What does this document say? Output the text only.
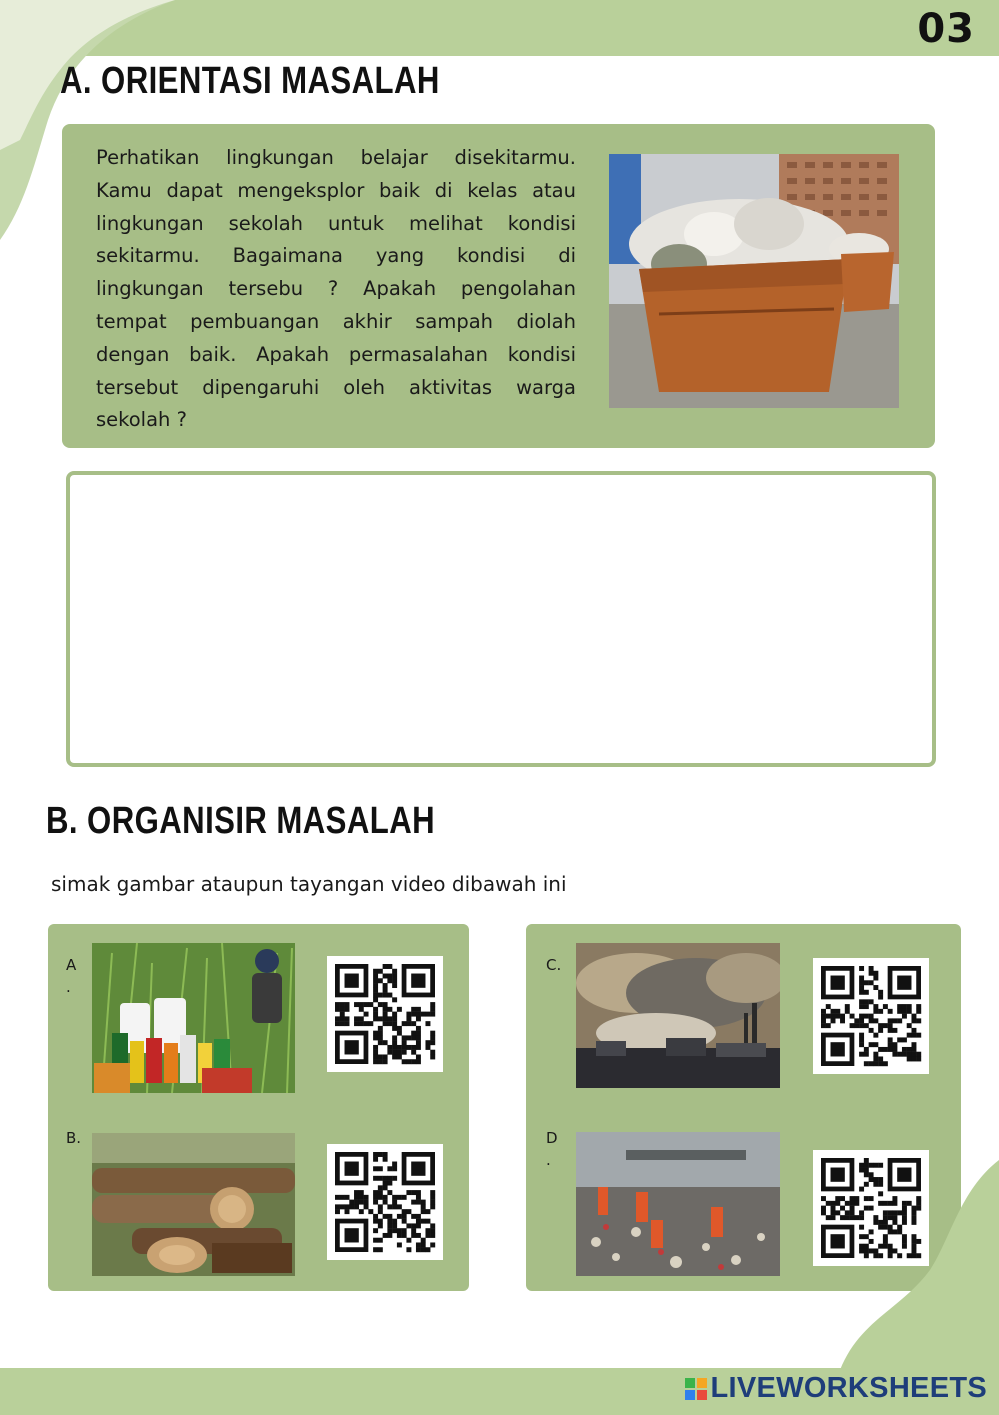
03
A. ORIENTASI MASALAH
Perhatikan lingkungan belajar disekitarmu. Kamu dapat mengeksplor baik di kelas atau lingkungan sekolah untuk melihat kondisi sekitarmu. Bagaimana yang kondisi di lingkungan tersebu ? Apakah pengolahan tempat pembuangan akhir sampah diolah dengan baik. Apakah permasalahan kondisi tersebut dipengaruhi oleh aktivitas warga sekolah ?
B. ORGANISIR MASALAH
simak gambar ataupun tayangan video dibawah ini
A
.
B.
C.
D
.
LIVEWORKSHEETS
